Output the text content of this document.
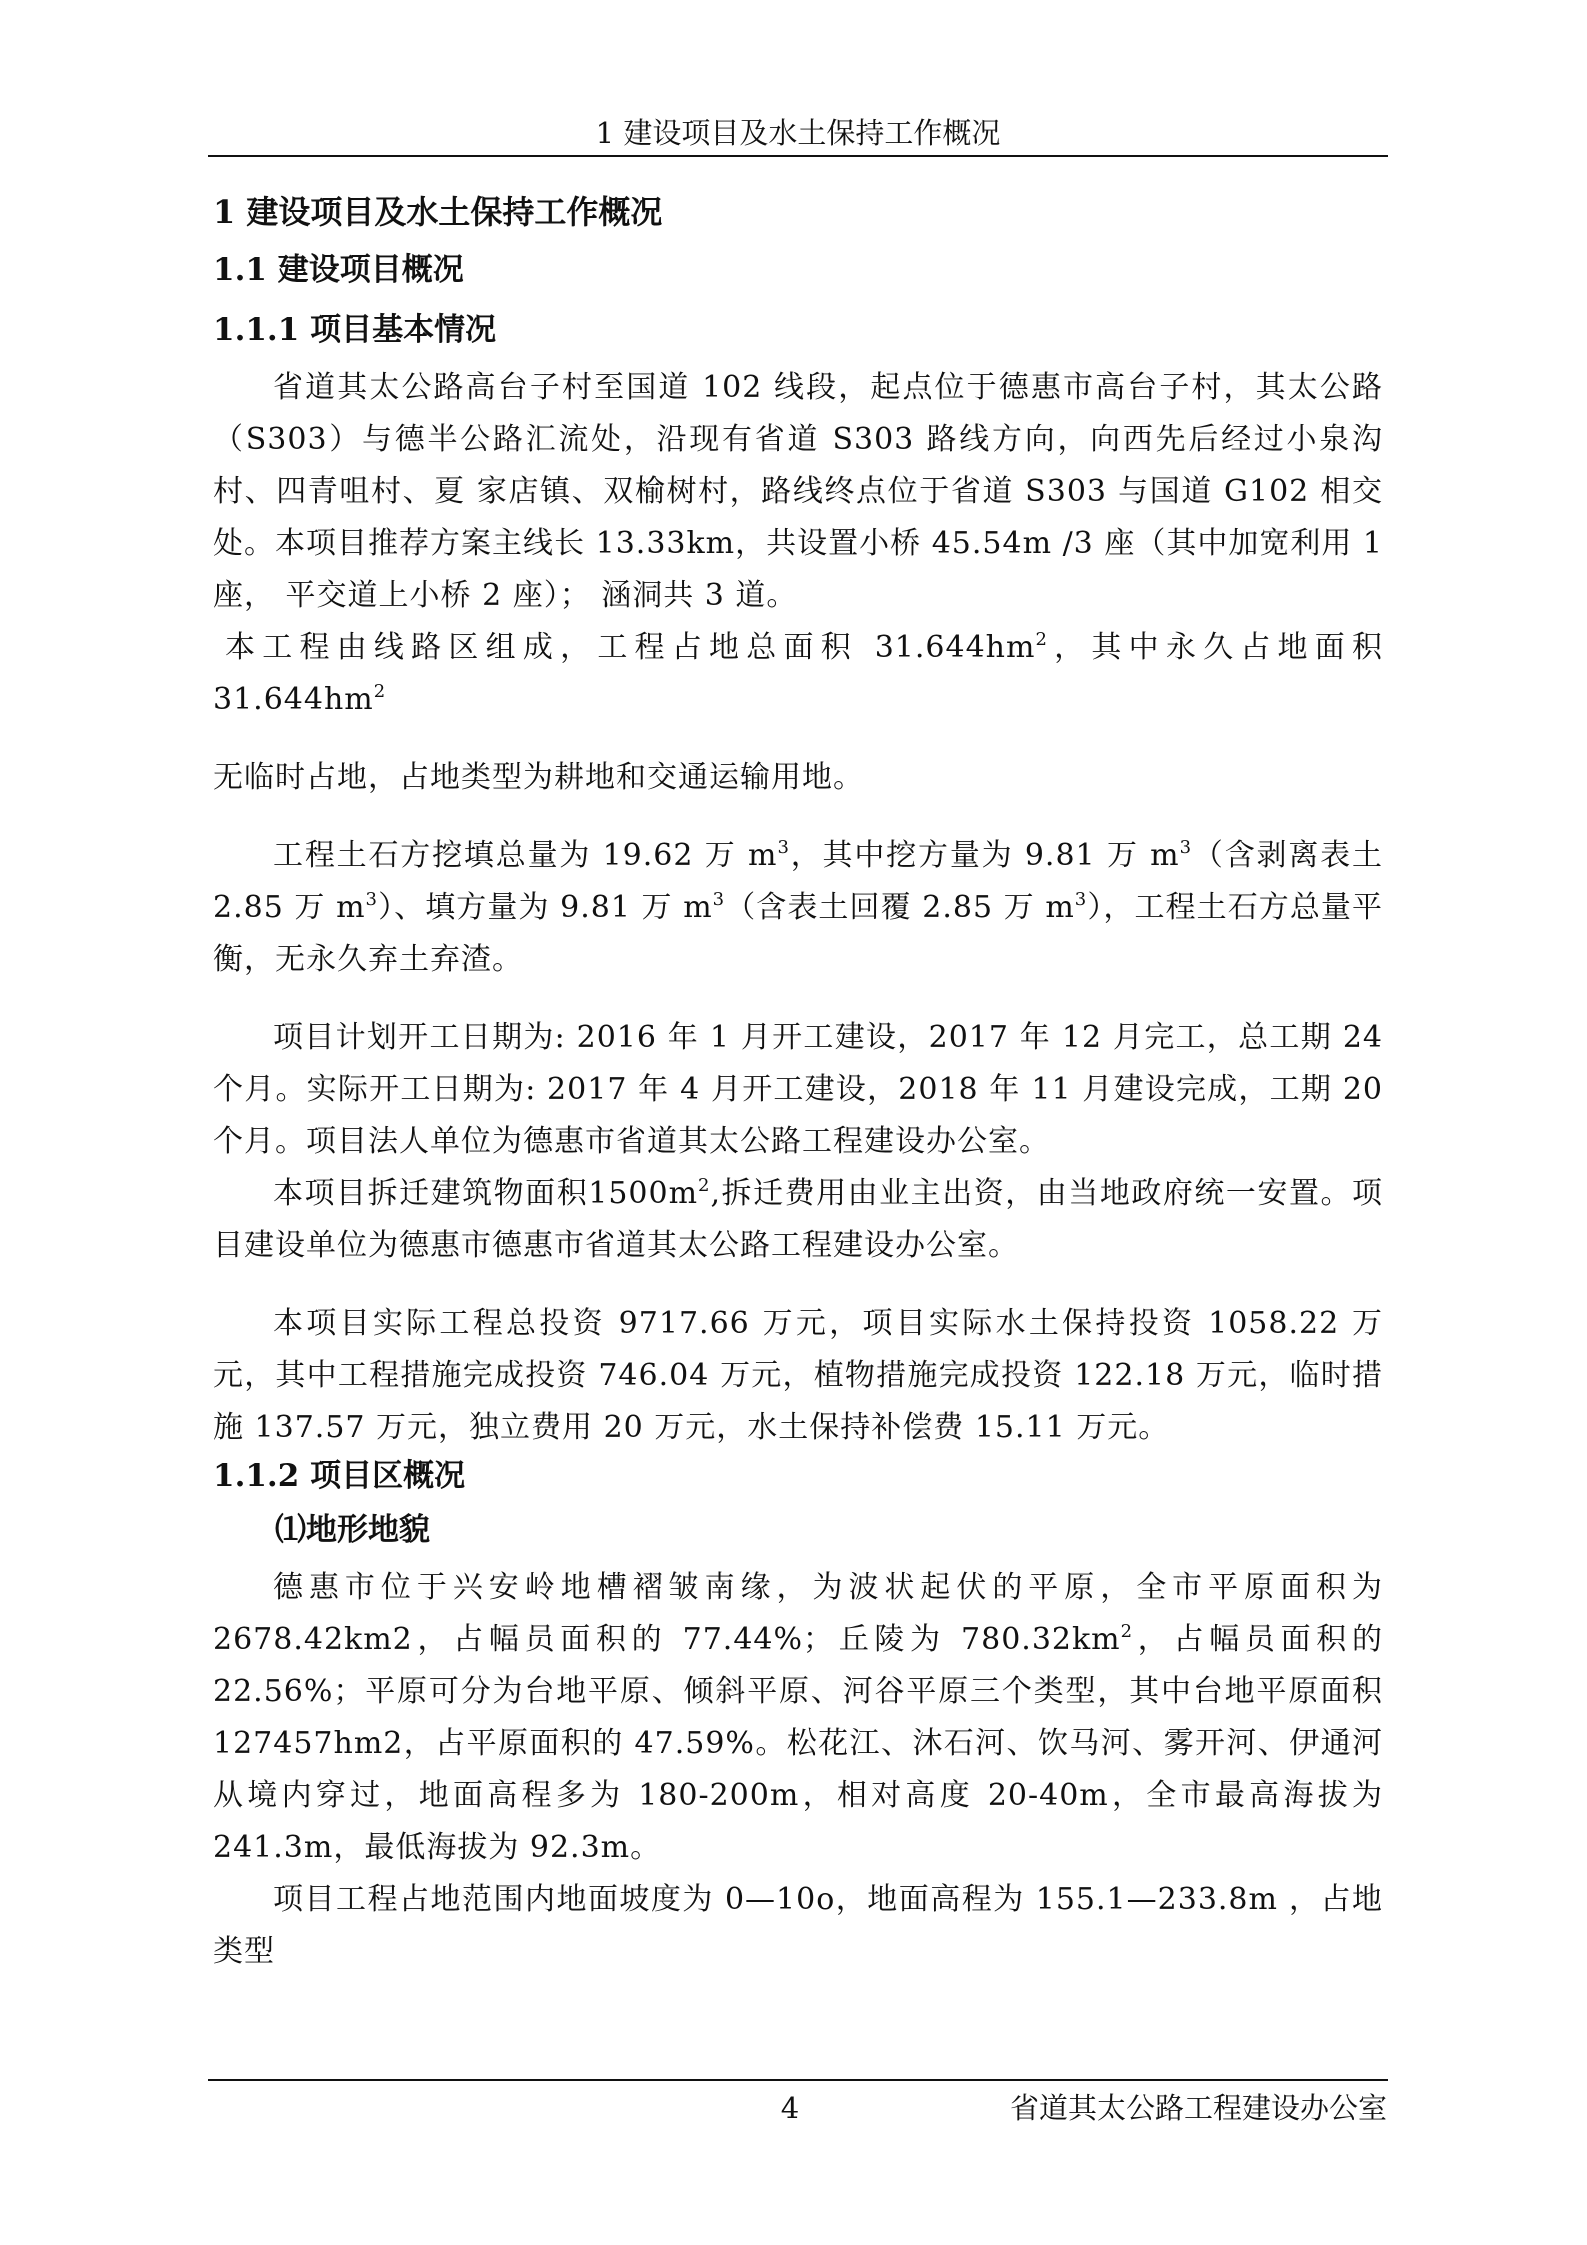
1 建设项目及水土保持工作概况
1 建设项目及水土保持工作概况
1.1 建设项目概况
1.1.1 项目基本情况

省道其太公路高台子村至国道 102 线段，起点位于德惠市高台子村，其太公路（S303）与德半公路汇流处，沿现有省道 S303 路线方向，向西先后经过小泉沟村、四青咀村、夏 家店镇、双榆树村，路线终点位于省道 S303 与国道 G102 相交处。本项目推荐方案主线长 13.33km，共设置小桥 45.54m /3 座（其中加宽利用 1 座， 平交道上小桥 2 座）； 涵洞共 3 道。

本工程由线路区组成，工程占地总面积 $31.644hm^2$，其中永久占地面积 $31.644hm^2$

无临时占地，占地类型为耕地和交通运输用地。

工程土石方挖填总量为 19.62 万 $m^3$，其中挖方量为 9.81 万 $m^3$（含剥离表土 2.85 万 $m^3$）、填方量为 9.81 万 $m^3$（含表土回覆 2.85 万 $m^3$），工程土石方总量平衡，无永久弃土弃渣。

项目计划开工日期为: 2016 年 1 月开工建设，2017 年 12 月完工，总工期 24 个月。实际开工日期为: 2017 年 4 月开工建设，2018 年 11 月建设完成，工期 20 个月。项目法人单位为德惠市省道其太公路工程建设办公室。

本项目拆迁建筑物面积$1500m^2$,拆迁费用由业主出资，由当地政府统一安置。项目建设单位为德惠市德惠市省道其太公路工程建设办公室。

本项目实际工程总投资 9717.66 万元，项目实际水土保持投资 1058.22 万元，其中工程措施完成投资 746.04 万元，植物措施完成投资 122.18 万元，临时措施 137.57 万元，独立费用 20 万元，水土保持补偿费 15.11 万元。

1.1.2 项目区概况
⑴地形地貌

德惠市位于兴安岭地槽褶皱南缘，为波状起伏的平原，全市平原面积为 2678.42km2，占幅员面积的 77.44%；丘陵为 $780.32km^2$，占幅员面积的 22.56%；平原可分为台地平原、倾斜平原、河谷平原三个类型，其中台地平原面积 127457hm2，占平原面积的 47.59%。松花江、沐石河、饮马河、雾开河、伊通河从境内穿过，地面高程多为 180-200m，相对高度 20-40m，全市最高海拔为 241.3m，最低海拔为 92.3m。

项目工程占地范围内地面坡度为 0—10o，地面高程为 155.1—233.8m ，占地类型

4	省道其太公路工程建设办公室
